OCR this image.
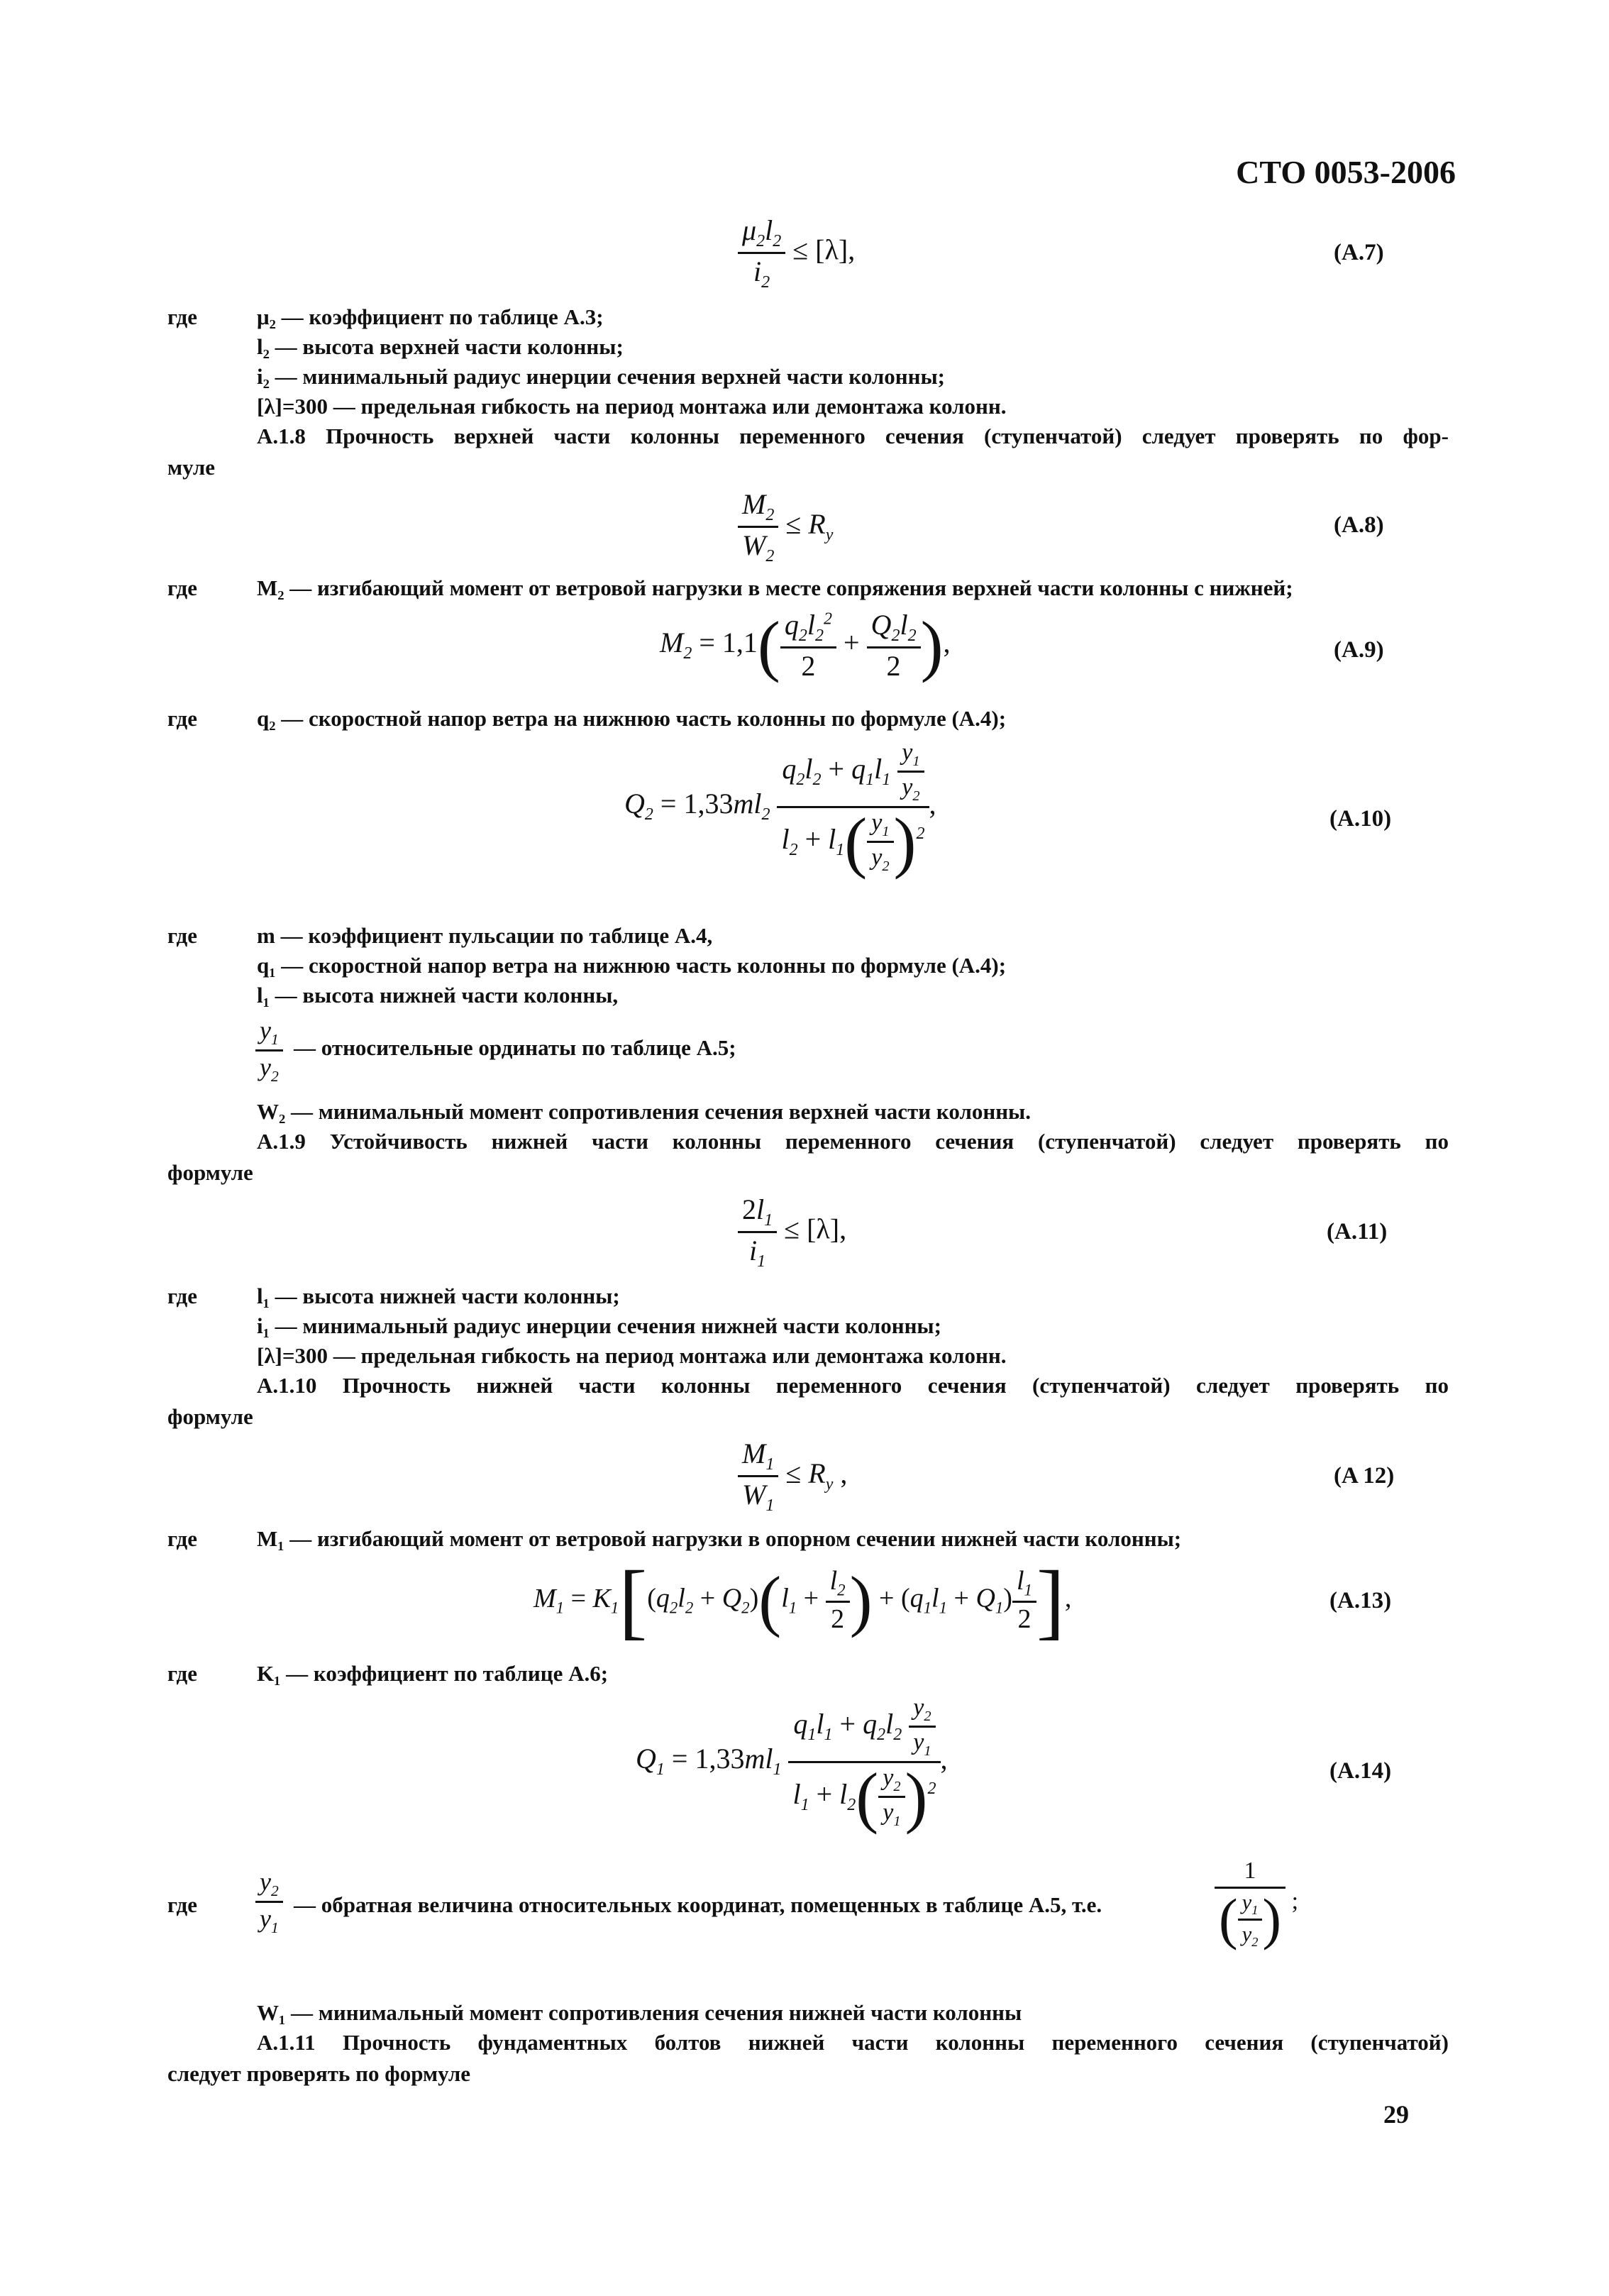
СТО 0053-2006
29
$\frac{\mu_2l_2}{i_2} \le [\lambda]$,	(A.7)
где	μ₂ — коэффициент по таблице А.3;
l₂ — высота верхней части колонны;
i₂ — минимальный радиус инерции сечения верхней части колонны;
[λ]=300 — предельная гибкость на период монтажа или демонтажа колонн.
А.1.8 Прочность верхней части колонны переменного сечения (ступенчатой) следует проверять по фор-
муле
$\frac{M_2}{W_2} \le R_y$	(A.8)
где	M₂ — изгибающий момент от ветровой нагрузки в месте сопряжения верхней части колонны с нижней;
$M_2 = 1,1( \frac{q_2l_2^2}{2} + \frac{Q_2l_2}{2}$ ),	(A.9)
где	q₂ — скоростной напор ветра на нижнюю часть колонны по формуле (А.4);
$Q_2 = 1,33ml_2 \frac{q_2l_2 + q_1l_1 \frac{y_1}{y_2}}{l_2 + l_1( \frac{y_1}{y_2} )^2}$ ,	(A.10)
где	m — коэффициент пульсации по таблице А.4,
q₁ — скоростной напор ветра на нижнюю часть колонны по формуле (А.4);
l₁ — высота нижней части колонны,
$\frac{y_1}{y_2}$ — относительные ординаты по таблице А.5;
W₂ — минимальный момент сопротивления сечения верхней части колонны.
А.1.9 Устойчивость нижней части колонны переменного сечения (ступенчатой) следует проверять по
формуле
$\frac{2l_1}{i_1} \le [\lambda]$,	(A.11)
где	l₁ — высота нижней части колонны;
i₁ — минимальный радиус инерции сечения нижней части колонны;
[λ]=300 — предельная гибкость на период монтажа или демонтажа колонн.
А.1.10 Прочность нижней части колонны переменного сечения (ступенчатой) следует проверять по
формуле
$\frac{M_1}{W_1} \le R_y$ ,	(A 12)
где	M₁ — изгибающий момент от ветровой нагрузки в опорном сечении нижней части колонны;
$M_1 = K_1[(q_2l_2 + Q_2)(l_1 + \frac{l_2}{2}$ ) + $(q_1l_1 + Q_1) \frac{l_1}{2}$ ],	(A.13)
где	K₁ — коэффициент по таблице А.6;
$Q_1 = 1,33ml_1 \frac{q_1l_1 + q_2l_2 \frac{y_2}{y_1}}{l_1 + l_2( \frac{y_2}{y_1} )^2}$ ,	(A.14)
где $\frac{y_2}{y_1}$ — обратная величина относительных координат, помещенных в таблице А.5, т.е.	$\frac{1}{( \frac{y_1}{y_2} )}$ ;
W₁ — минимальный момент сопротивления сечения нижней части колонны
А.1.11 Прочность фундаментных болтов нижней части колонны переменного сечения (ступенчатой)
следует проверять по формуле
